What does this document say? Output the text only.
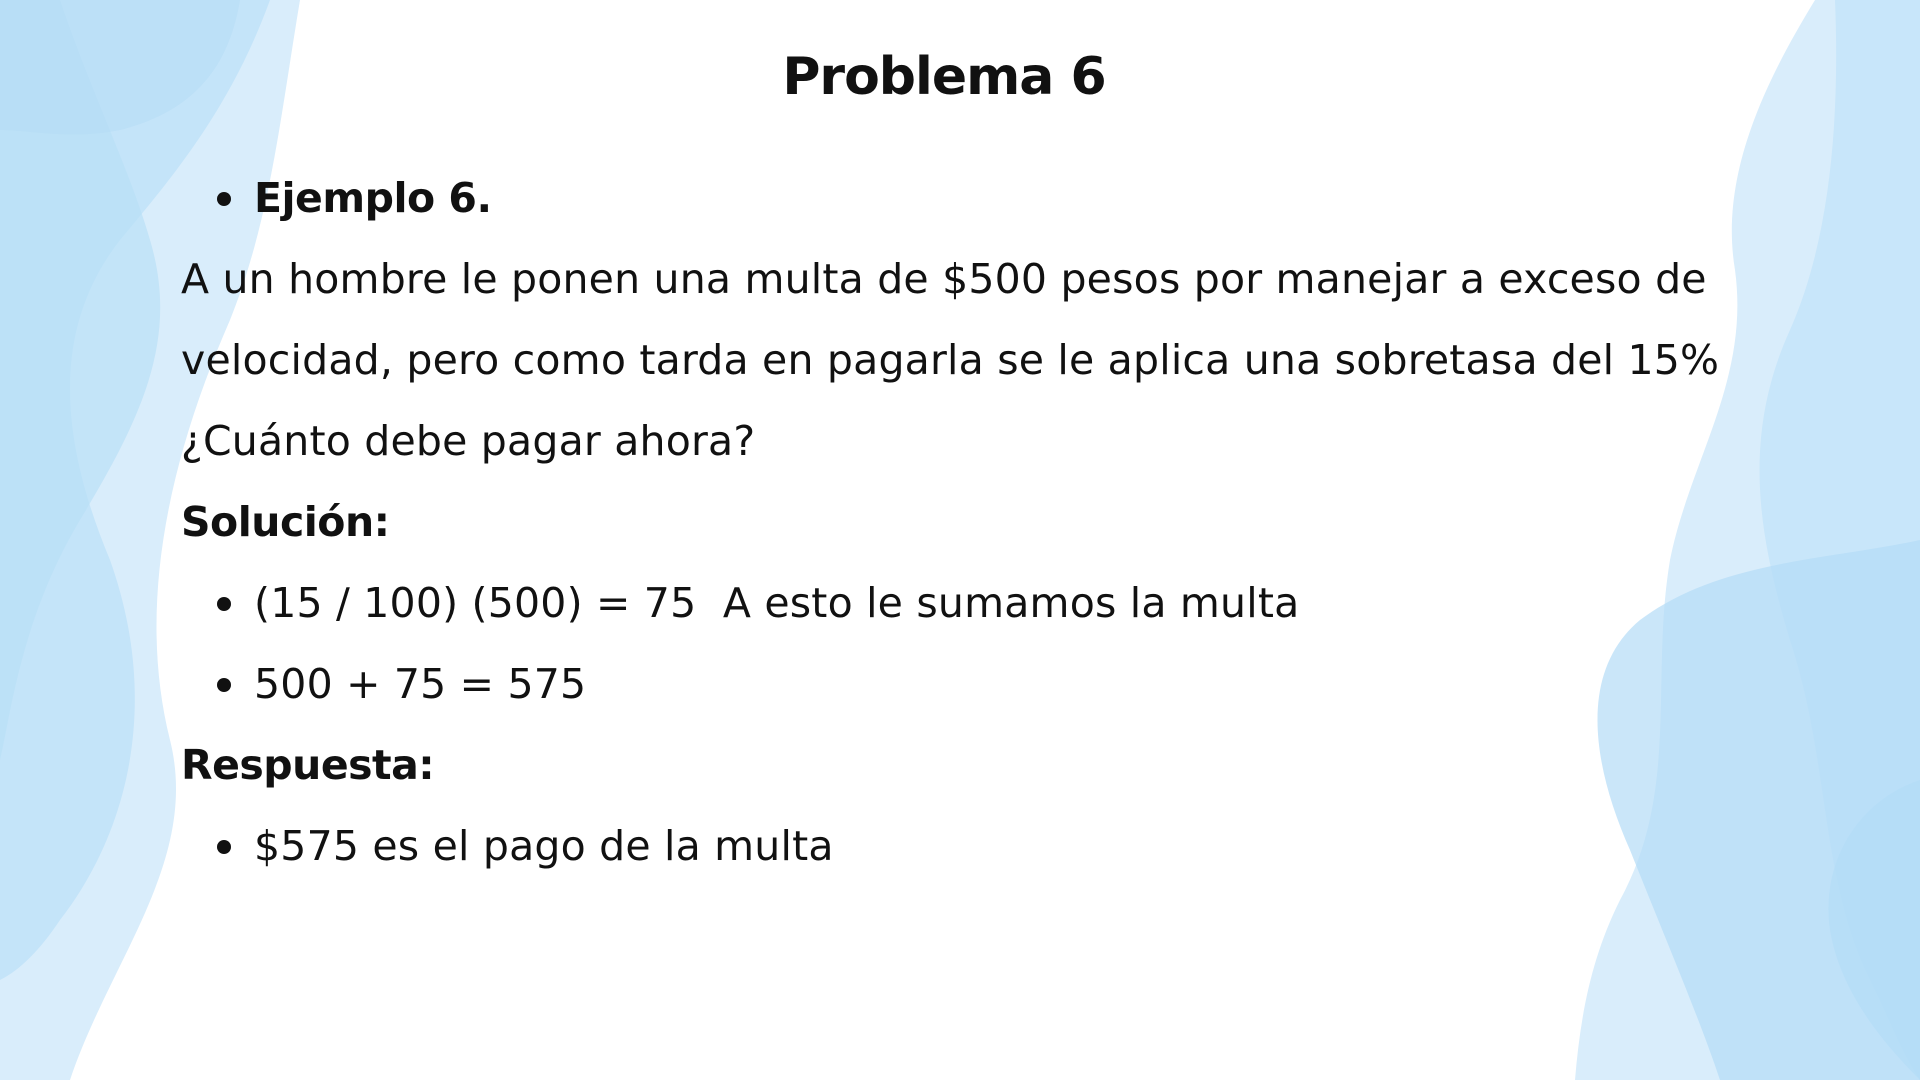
Problema 6
Ejemplo 6.
A un hombre le ponen una multa de $500 pesos por manejar a exceso de
velocidad, pero como tarda en pagarla se le aplica una sobretasa del 15%
¿Cuánto debe pagar ahora?
Solución:
(15 / 100) (500) = 75  A esto le sumamos la multa
500 + 75 = 575
Respuesta:
$575 es el pago de la multa
